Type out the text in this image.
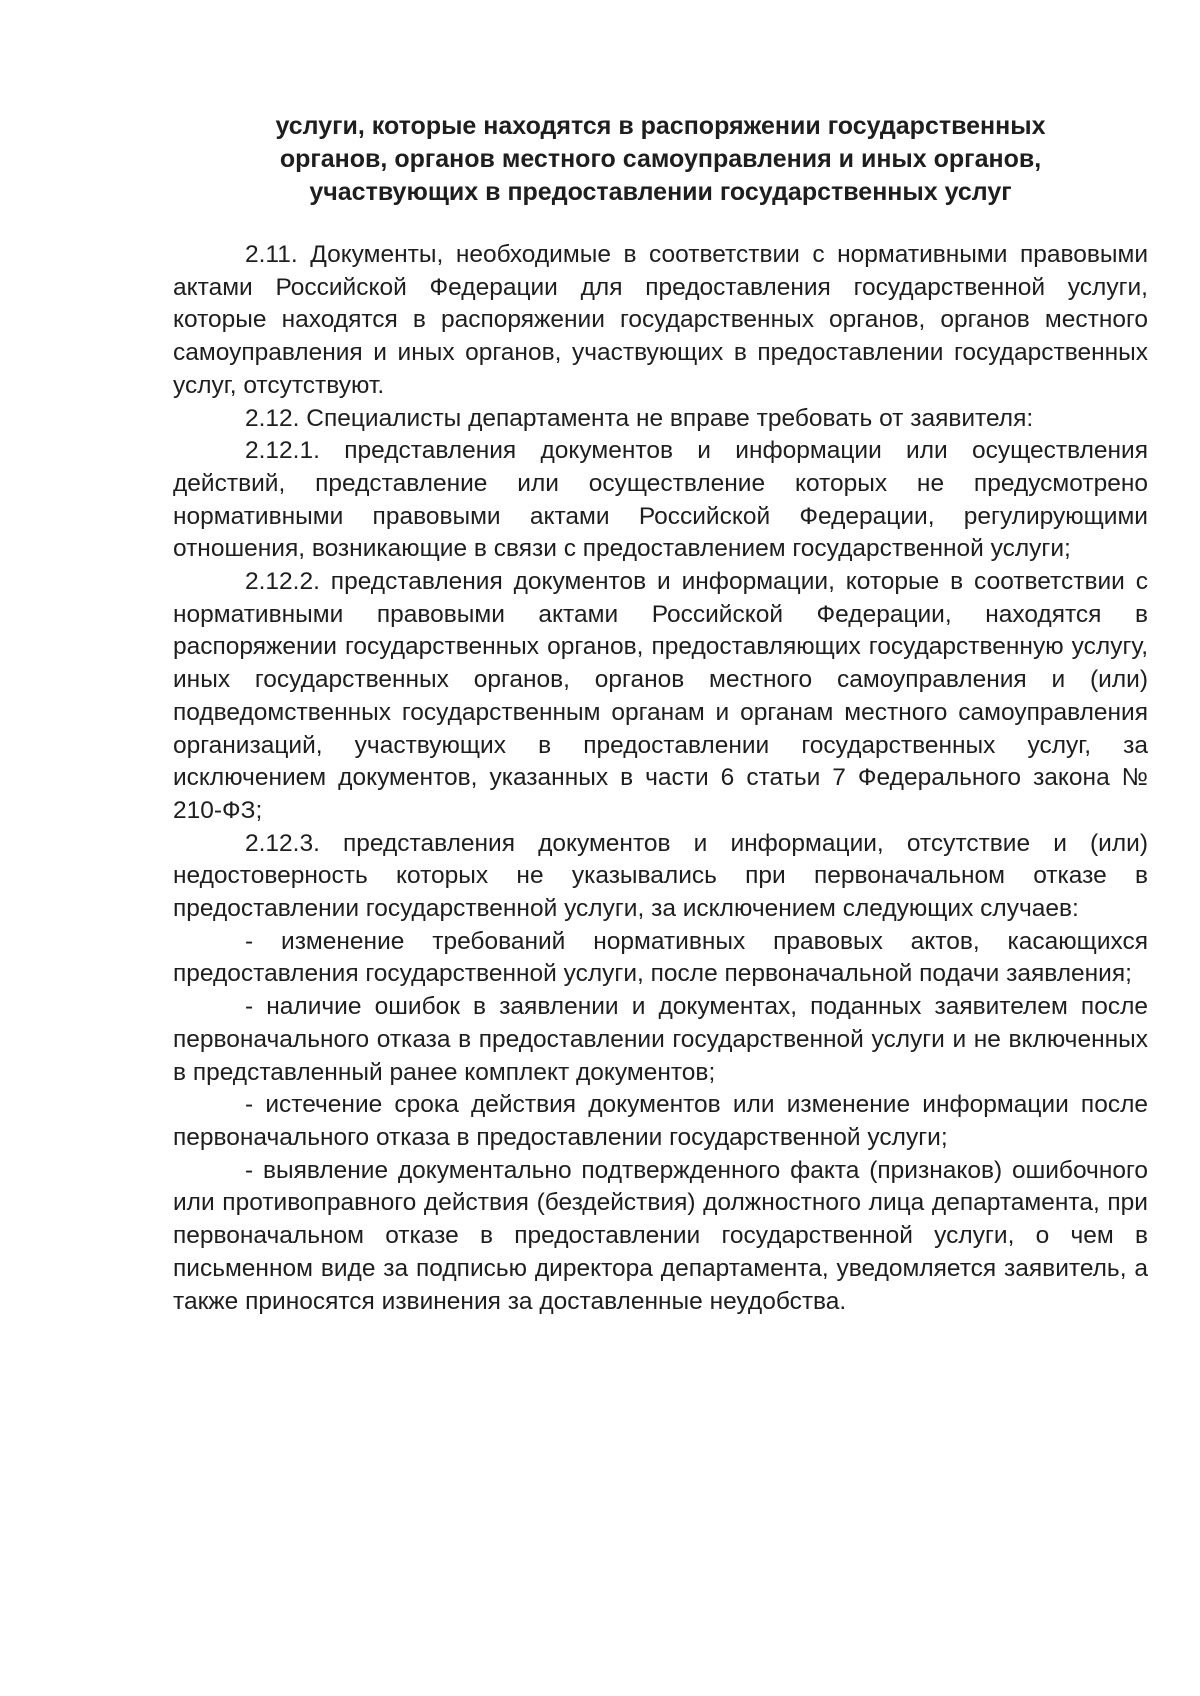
услуги, которые находятся в распоряжении государственных
органов, органов местного самоуправления и иных органов,
участвующих в предоставлении государственных услуг

2.11. Документы, необходимые в соответствии с нормативными правовыми актами Российской Федерации для предоставления государственной услуги, которые находятся в распоряжении государственных органов, органов местного самоуправления и иных органов, участвующих в предоставлении государственных услуг, отсутствуют.

2.12. Специалисты департамента не вправе требовать от заявителя:

2.12.1. представления документов и информации или осуществления действий, представление или осуществление которых не предусмотрено нормативными правовыми актами Российской Федерации, регулирующими отношения, возникающие в связи с предоставлением государственной услуги;

2.12.2. представления документов и информации, которые в соответствии с нормативными правовыми актами Российской Федерации, находятся в распоряжении государственных органов, предоставляющих государственную услугу, иных государственных органов, органов местного самоуправления и (или) подведомственных государственным органам и органам местного самоуправления организаций, участвующих в предоставлении государственных услуг, за исключением документов, указанных в части 6 статьи 7 Федерального закона № 210-ФЗ;

2.12.3. представления документов и информации, отсутствие и (или) недостоверность которых не указывались при первоначальном отказе в предоставлении государственной услуги, за исключением следующих случаев:

- изменение требований нормативных правовых актов, касающихся предоставления государственной услуги, после первоначальной подачи заявления;

- наличие ошибок в заявлении и документах, поданных заявителем после первоначального отказа в предоставлении государственной услуги и не включенных в представленный ранее комплект документов;

- истечение срока действия документов или изменение информации после первоначального отказа в предоставлении государственной услуги;

- выявление документально подтвержденного факта (признаков) ошибочного или противоправного действия (бездействия) должностного лица департамента, при первоначальном отказе в предоставлении государственной услуги, о чем в письменном виде за подписью директора департамента, уведомляется заявитель, а также приносятся извинения за доставленные неудобства.
